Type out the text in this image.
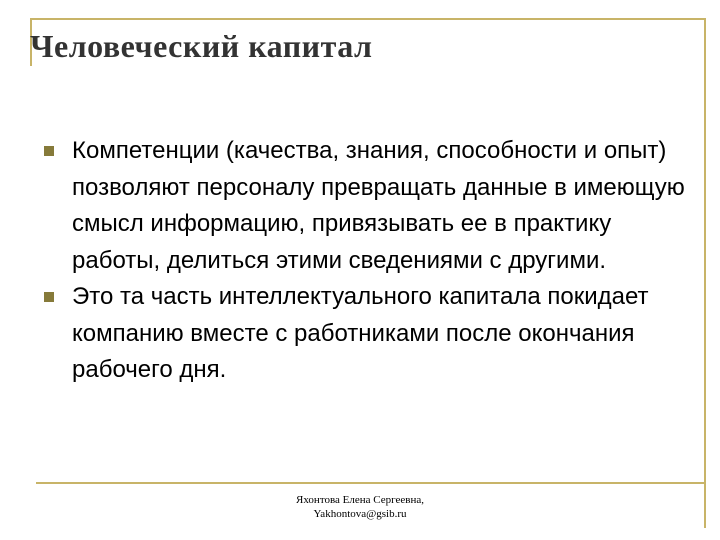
Человеческий капитал
Компетенции (качества, знания, способности и опыт) позволяют персоналу превращать данные в имеющую смысл информацию, привязывать ее в практику работы, делиться этими сведениями с другими.
Это та часть интеллектуального капитала покидает компанию вместе с работниками после окончания рабочего дня.
Яхонтова Елена Сергеевна,
Yakhontova@gsib.ru
